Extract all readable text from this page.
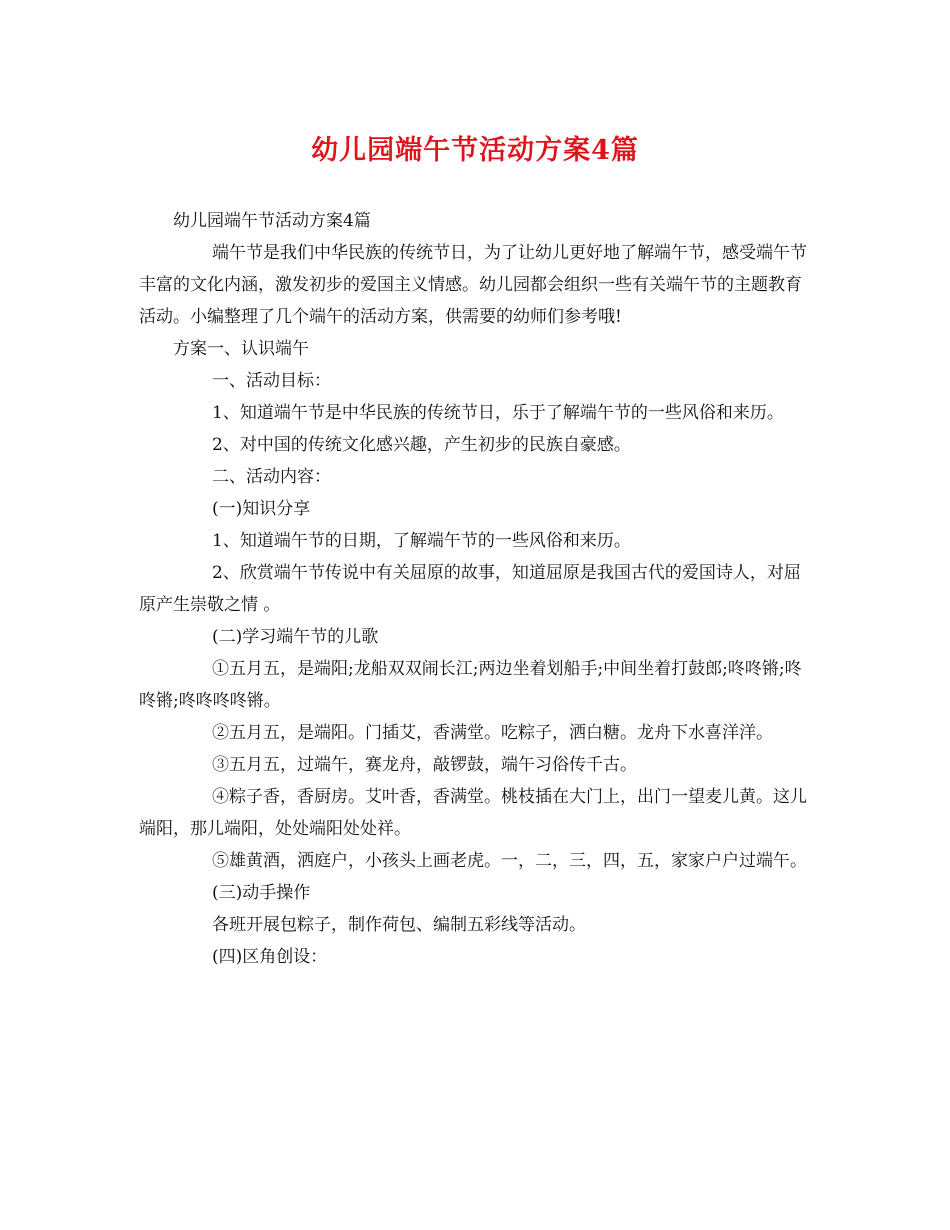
幼儿园端午节活动方案4篇

幼儿园端午节活动方案4篇

端午节是我们中华民族的传统节日，为了让幼儿更好地了解端午节，感受端午节丰富的文化内涵，激发初步的爱国主义情感。幼儿园都会组织一些有关端午节的主题教育活动。小编整理了几个端午的活动方案，供需要的幼师们参考哦!

方案一、认识端午

一、活动目标：

1、知道端午节是中华民族的传统节日，乐于了解端午节的一些风俗和来历。

2、对中国的传统文化感兴趣，产生初步的民族自豪感。

二、活动内容：

(一)知识分享

1、知道端午节的日期，了解端午节的一些风俗和来历。

2、欣赏端午节传说中有关屈原的故事，知道屈原是我国古代的爱国诗人，对屈原产生崇敬之情 。

(二)学习端午节的儿歌

①五月五，是端阳;龙船双双闹长江;两边坐着划船手;中间坐着打鼓郎;咚咚锵;咚咚锵;咚咚咚咚锵。

②五月五，是端阳。门插艾，香满堂。吃粽子，洒白糖。龙舟下水喜洋洋。

③五月五，过端午，赛龙舟，敲锣鼓，端午习俗传千古。

④粽子香，香厨房。艾叶香，香满堂。桃枝插在大门上，出门一望麦儿黄。这儿端阳，那儿端阳，处处端阳处处祥。

⑤雄黄酒，洒庭户，小孩头上画老虎。一，二，三，四，五，家家户户过端午。

(三)动手操作

各班开展包粽子，制作荷包、编制五彩线等活动。

(四)区角创设：
